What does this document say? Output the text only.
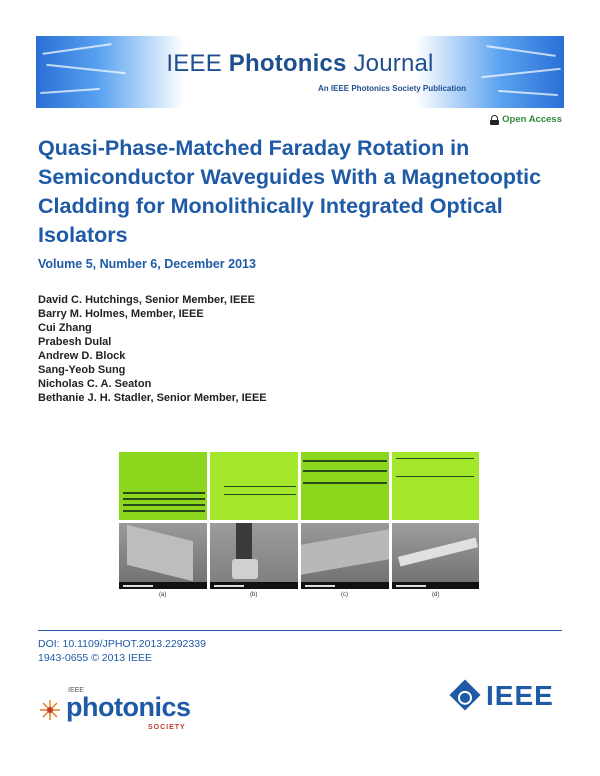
IEEE Photonics Journal
An IEEE Photonics Society Publication
Open Access
Quasi-Phase-Matched Faraday Rotation in Semiconductor Waveguides With a Magnetooptic Cladding for Monolithically Integrated Optical Isolators
Volume 5, Number 6, December 2013
David C. Hutchings, Senior Member, IEEE
Barry M. Holmes, Member, IEEE
Cui Zhang
Prabesh Dulal
Andrew D. Block
Sang-Yeob Sung
Nicholas C. A. Seaton
Bethanie J. H. Stadler, Senior Member, IEEE
(a)	(b)	(c)	(d)
DOI: 10.1109/JPHOT.2013.2292339
1943-0655 © 2013 IEEE
IEEE
photonics
SOCIETY
IEEE
